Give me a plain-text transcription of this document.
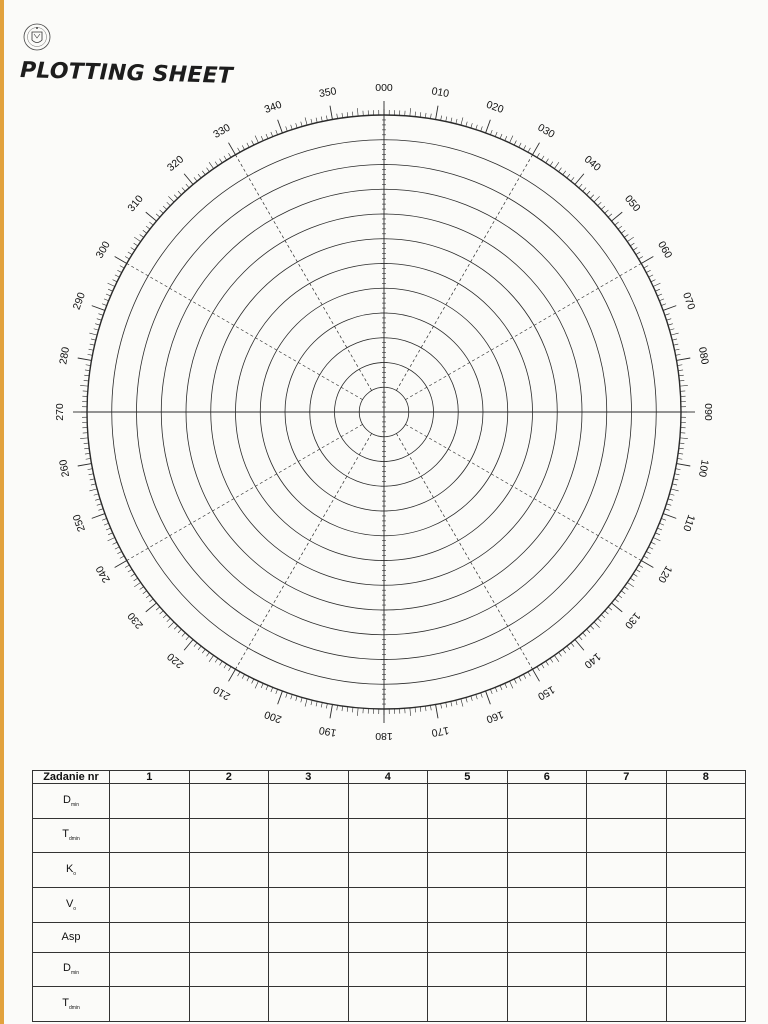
PLOTTING SHEET	000	010
020
030
040
050
060
070
080
090
100
110
120
130
140
150
160
170
180
190
200
210
220
230
240
250
260
270
280
290
300
310
320
330
340
350
Zadanie nr	1	2	3	4	5	6	7	8
$D_{min}$								
$T_{dmin}$								
$K_o$								
$V_o$								
Asp								
$D_{min}$								
$T_{dmin}$								
